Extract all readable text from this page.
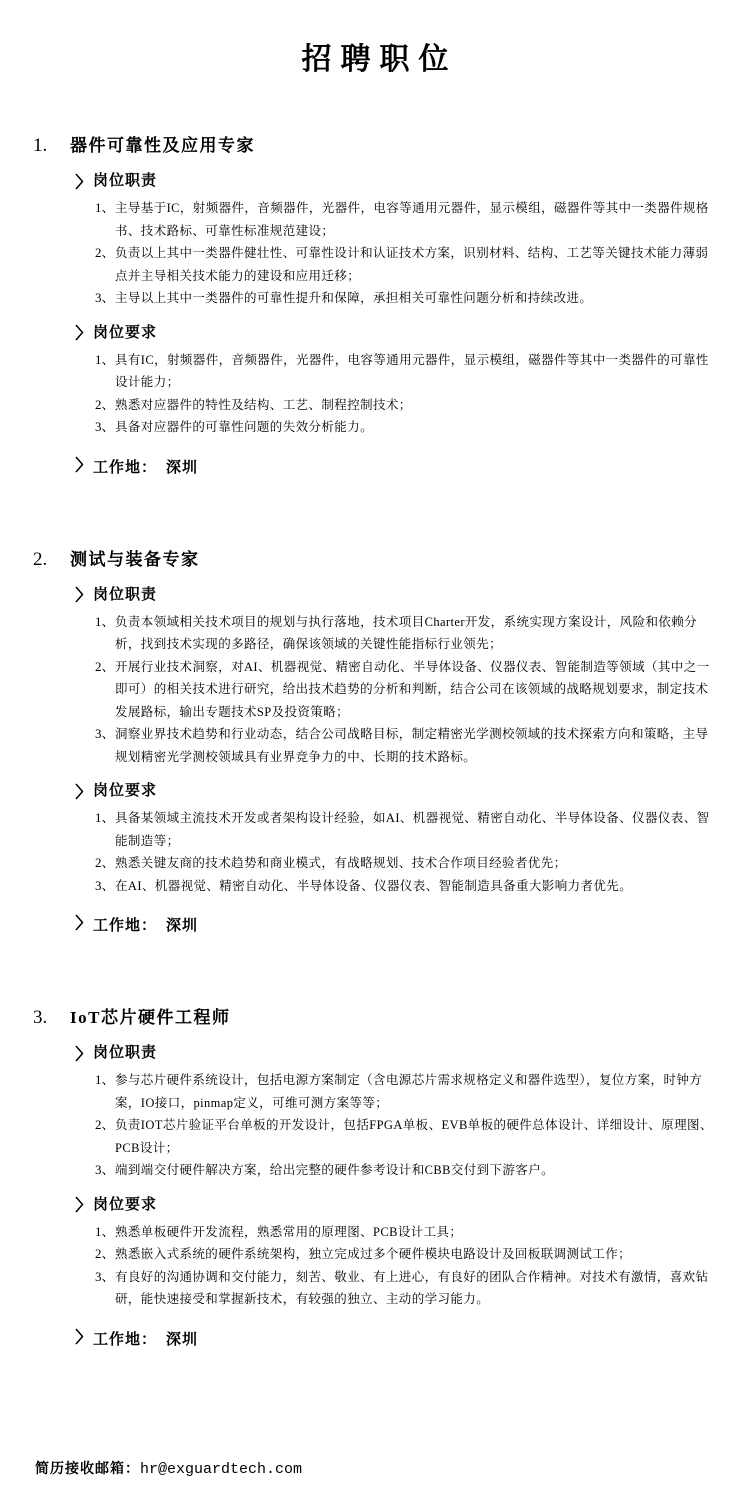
招聘职位
1.	器件可靠性及应用专家
岗位职责
1、 主导基于IC，射频器件，音频器件，光器件，电容等通用元器件，显示模组，磁器件等其中一类器件规格书、技术路标、可靠性标准规范建设；
2、 负责以上其中一类器件健壮性、可靠性设计和认证技术方案，识别材料、结构、工艺等关键技术能力薄弱点并主导相关技术能力的建设和应用迁移；
3、 主导以上其中一类器件的可靠性提升和保障，承担相关可靠性问题分析和持续改进。
岗位要求
1、 具有IC，射频器件，音频器件，光器件，电容等通用元器件，显示模组，磁器件等其中一类器件的可靠性设计能力；
2、 熟悉对应器件的特性及结构、工艺、制程控制技术；
3、 具备对应器件的可靠性问题的失效分析能力。
工作地： 深圳
2.	测试与装备专家
岗位职责
1、 负责本领域相关技术项目的规划与执行落地，技术项目Charter开发，系统实现方案设计，风险和依赖分析，找到技术实现的多路径，确保该领域的关键性能指标行业领先；
2、 开展行业技术洞察，对AI、机器视觉、精密自动化、半导体设备、仪器仪表、智能制造等领域（其中之一即可）的相关技术进行研究，给出技术趋势的分析和判断，结合公司在该领域的战略规划要求，制定技术发展路标，输出专题技术SP及投资策略；
3、 洞察业界技术趋势和行业动态，结合公司战略目标，制定精密光学测校领域的技术探索方向和策略，主导规划精密光学测校领域具有业界竞争力的中、长期的技术路标。
岗位要求
1、 具备某领域主流技术开发或者架构设计经验，如AI、机器视觉、精密自动化、半导体设备、仪器仪表、智能制造等；
2、 熟悉关键友商的技术趋势和商业模式，有战略规划、技术合作项目经验者优先；
3、 在AI、机器视觉、精密自动化、半导体设备、仪器仪表、智能制造具备重大影响力者优先。
工作地： 深圳
3.	IoT芯片硬件工程师
岗位职责
1、 参与芯片硬件系统设计，包括电源方案制定（含电源芯片需求规格定义和器件选型），复位方案，时钟方案，IO接口，pinmap定义，可维可测方案等等；
2、 负责IOT芯片验证平台单板的开发设计，包括FPGA单板、EVB单板的硬件总体设计、详细设计、原理图、PCB设计；
3、 端到端交付硬件解决方案，给出完整的硬件参考设计和CBB交付到下游客户。
岗位要求
1、 熟悉单板硬件开发流程，熟悉常用的原理图、PCB设计工具；
2、 熟悉嵌入式系统的硬件系统架构，独立完成过多个硬件模块电路设计及回板联调测试工作；
3、 有良好的沟通协调和交付能力，刻苦、敬业、有上进心，有良好的团队合作精神。对技术有激情，喜欢钻研，能快速接受和掌握新技术，有较强的独立、主动的学习能力。
工作地： 深圳
简历接收邮箱： hr@exguardtech.com
